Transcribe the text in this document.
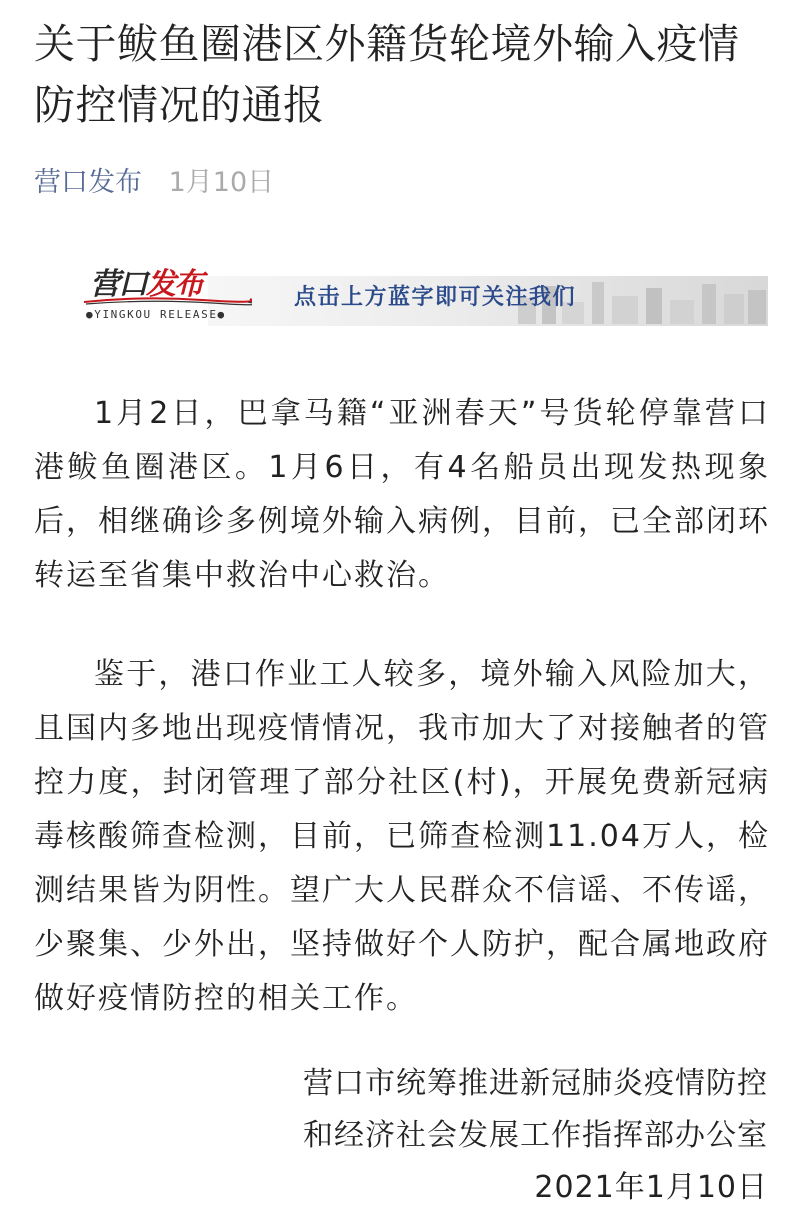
关于鲅鱼圈港区外籍货轮境外输入疫情防控情况的通报
营口发布 1月10日
营口发布
●YINGKOU RELEASE●
点击上方蓝字即可关注我们

1月2日，巴拿马籍“亚洲春天”号货轮停靠营口港鲅鱼圈港区。1月6日，有4名船员出现发热现象后，相继确诊多例境外输入病例，目前，已全部闭环转运至省集中救治中心救治。

鉴于，港口作业工人较多，境外输入风险加大，且国内多地出现疫情情况，我市加大了对接触者的管控力度，封闭管理了部分社区(村)，开展免费新冠病毒核酸筛查检测，目前，已筛查检测11.04万人，检测结果皆为阴性。望广大人民群众不信谣、不传谣，少聚集、少外出，坚持做好个人防护，配合属地政府做好疫情防控的相关工作。

营口市统筹推进新冠肺炎疫情防控
和经济社会发展工作指挥部办公室
2021年1月10日
